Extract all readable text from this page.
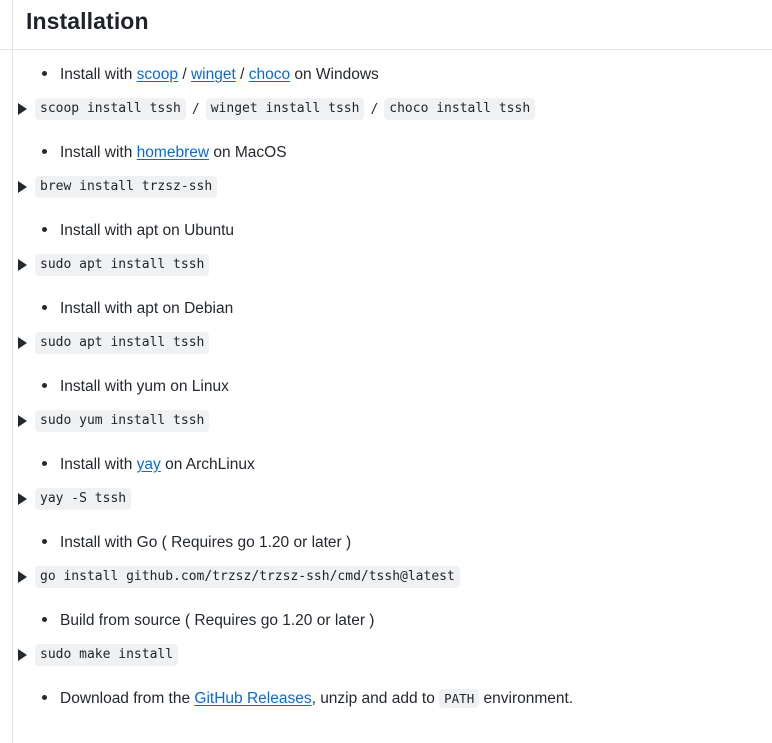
Installation
Install with scoop / winget / choco on Windows
scoop install tssh / winget install tssh / choco install tssh
Install with homebrew on MacOS
brew install trzsz-ssh
Install with apt on Ubuntu
sudo apt install tssh
Install with apt on Debian
sudo apt install tssh
Install with yum on Linux
sudo yum install tssh
Install with yay on ArchLinux
yay -S tssh
Install with Go ( Requires go 1.20 or later )
go install github.com/trzsz/trzsz-ssh/cmd/tssh@latest
Build from source ( Requires go 1.20 or later )
sudo make install
Download from the GitHub Releases, unzip and add to PATH environment.
